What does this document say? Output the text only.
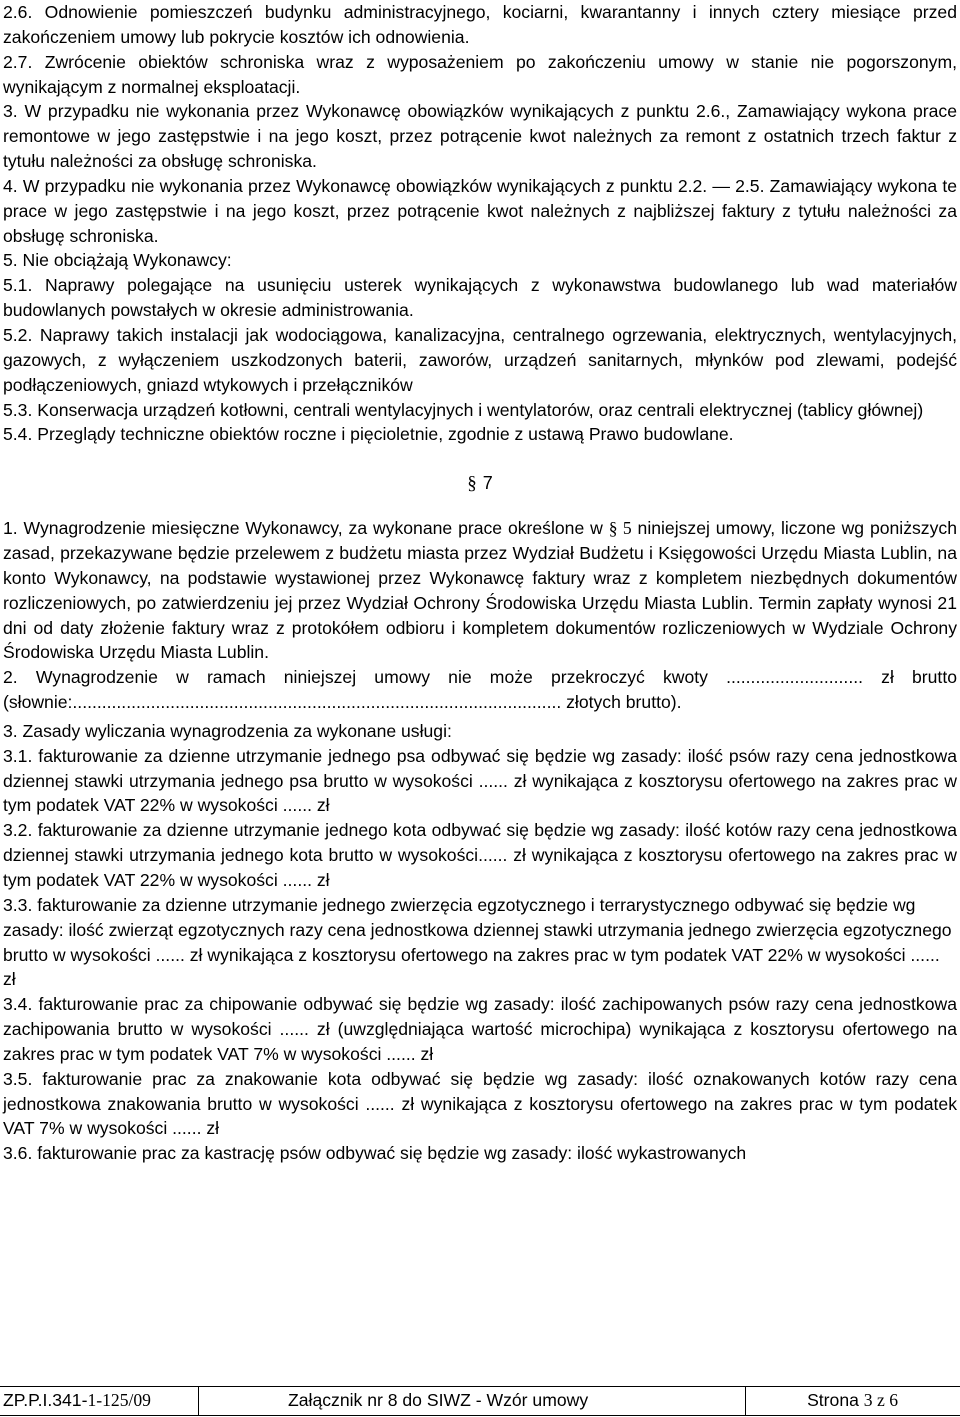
2.6. Odnowienie pomieszczeń budynku administracyjnego, kociarni, kwarantanny i innych cztery miesiące przed zakończeniem umowy lub pokrycie kosztów ich odnowienia.

2.7. Zwrócenie obiektów schroniska wraz z wyposażeniem po zakończeniu umowy w stanie nie pogorszonym, wynikającym z normalnej eksploatacji.

3. W przypadku nie wykonania przez Wykonawcę obowiązków wynikających z punktu 2.6., Zamawiający wykona prace remontowe w jego zastępstwie i na jego koszt, przez potrącenie kwot należnych za remont z ostatnich trzech faktur z tytułu należności za obsługę schroniska.

4. W przypadku nie wykonania przez Wykonawcę obowiązków wynikających z punktu 2.2. — 2.5. Zamawiający wykona te prace w jego zastępstwie i na jego koszt, przez potrącenie kwot należnych z najbliższej faktury z tytułu należności za obsługę schroniska.

5. Nie obciążają Wykonawcy:

5.1. Naprawy polegające na usunięciu usterek wynikających z wykonawstwa budowlanego lub wad materiałów budowlanych powstałych w okresie administrowania.

5.2. Naprawy takich instalacji jak wodociągowa, kanalizacyjna, centralnego ogrzewania, elektrycznych, wentylacyjnych, gazowych, z wyłączeniem uszkodzonych baterii, zaworów, urządzeń sanitarnych, młynków pod zlewami, podejść podłączeniowych, gniazd wtykowych i przełączników

5.3. Konserwacja urządzeń kotłowni, centrali wentylacyjnych i wentylatorów, oraz centrali elektrycznej (tablicy głównej)

5.4. Przeglądy techniczne obiektów roczne i pięcioletnie, zgodnie z ustawą Prawo budowlane.

§ 7

1. Wynagrodzenie miesięczne Wykonawcy, za wykonane prace określone w § 5 niniejszej umowy, liczone wg poniższych zasad, przekazywane będzie przelewem z budżetu miasta przez Wydział Budżetu i Księgowości Urzędu Miasta Lublin, na konto Wykonawcy, na podstawie wystawionej przez Wykonawcę faktury wraz z kompletem niezbędnych dokumentów rozliczeniowych, po zatwierdzeniu jej przez Wydział Ochrony Środowiska Urzędu Miasta Lublin. Termin zapłaty wynosi 21 dni od daty złożenie faktury wraz z protokółem odbioru i kompletem dokumentów rozliczeniowych w Wydziale Ochrony Środowiska Urzędu Miasta Lublin.

2. Wynagrodzenie w ramach niniejszej umowy nie może przekroczyć kwoty ............................ zł brutto (słownie:.................................................................................................... złotych brutto).

3. Zasady wyliczania wynagrodzenia za wykonane usługi:

3.1. fakturowanie za dzienne utrzymanie jednego psa odbywać się będzie wg zasady: ilość psów razy cena jednostkowa dziennej stawki utrzymania jednego psa brutto w wysokości ...... zł wynikająca z kosztorysu ofertowego na zakres prac w tym podatek VAT 22% w wysokości ...... zł

3.2. fakturowanie za dzienne utrzymanie jednego kota odbywać się będzie wg zasady: ilość kotów razy cena jednostkowa dziennej stawki utrzymania jednego kota brutto w wysokości...... zł wynikająca z kosztorysu ofertowego na zakres prac w tym podatek VAT 22% w wysokości ...... zł

3.3. fakturowanie za dzienne utrzymanie jednego zwierzęcia egzotycznego i terrarystycznego odbywać się będzie wg zasady: ilość zwierząt egzotycznych razy cena jednostkowa dziennej stawki utrzymania jednego zwierzęcia egzotycznego brutto w wysokości ...... zł wynikająca z kosztorysu ofertowego na zakres prac w tym podatek VAT 22% w wysokości ...... zł

3.4. fakturowanie prac za chipowanie odbywać się będzie wg zasady: ilość zachipowanych psów razy cena jednostkowa zachipowania brutto w wysokości ...... zł (uwzględniająca wartość microchipa) wynikająca z kosztorysu ofertowego na zakres prac w tym podatek VAT 7% w wysokości ...... zł

3.5. fakturowanie prac za znakowanie kota odbywać się będzie wg zasady: ilość oznakowanych kotów razy cena jednostkowa znakowania brutto w wysokości ...... zł wynikająca z kosztorysu ofertowego na zakres prac w tym podatek VAT 7% w wysokości ...... zł

3.6. fakturowanie prac za kastrację psów odbywać się będzie wg zasady: ilość wykastrowanych

ZP.P.I.341-1-125/09	Załącznik nr 8 do SIWZ - Wzór umowy	Strona 3 z 6
